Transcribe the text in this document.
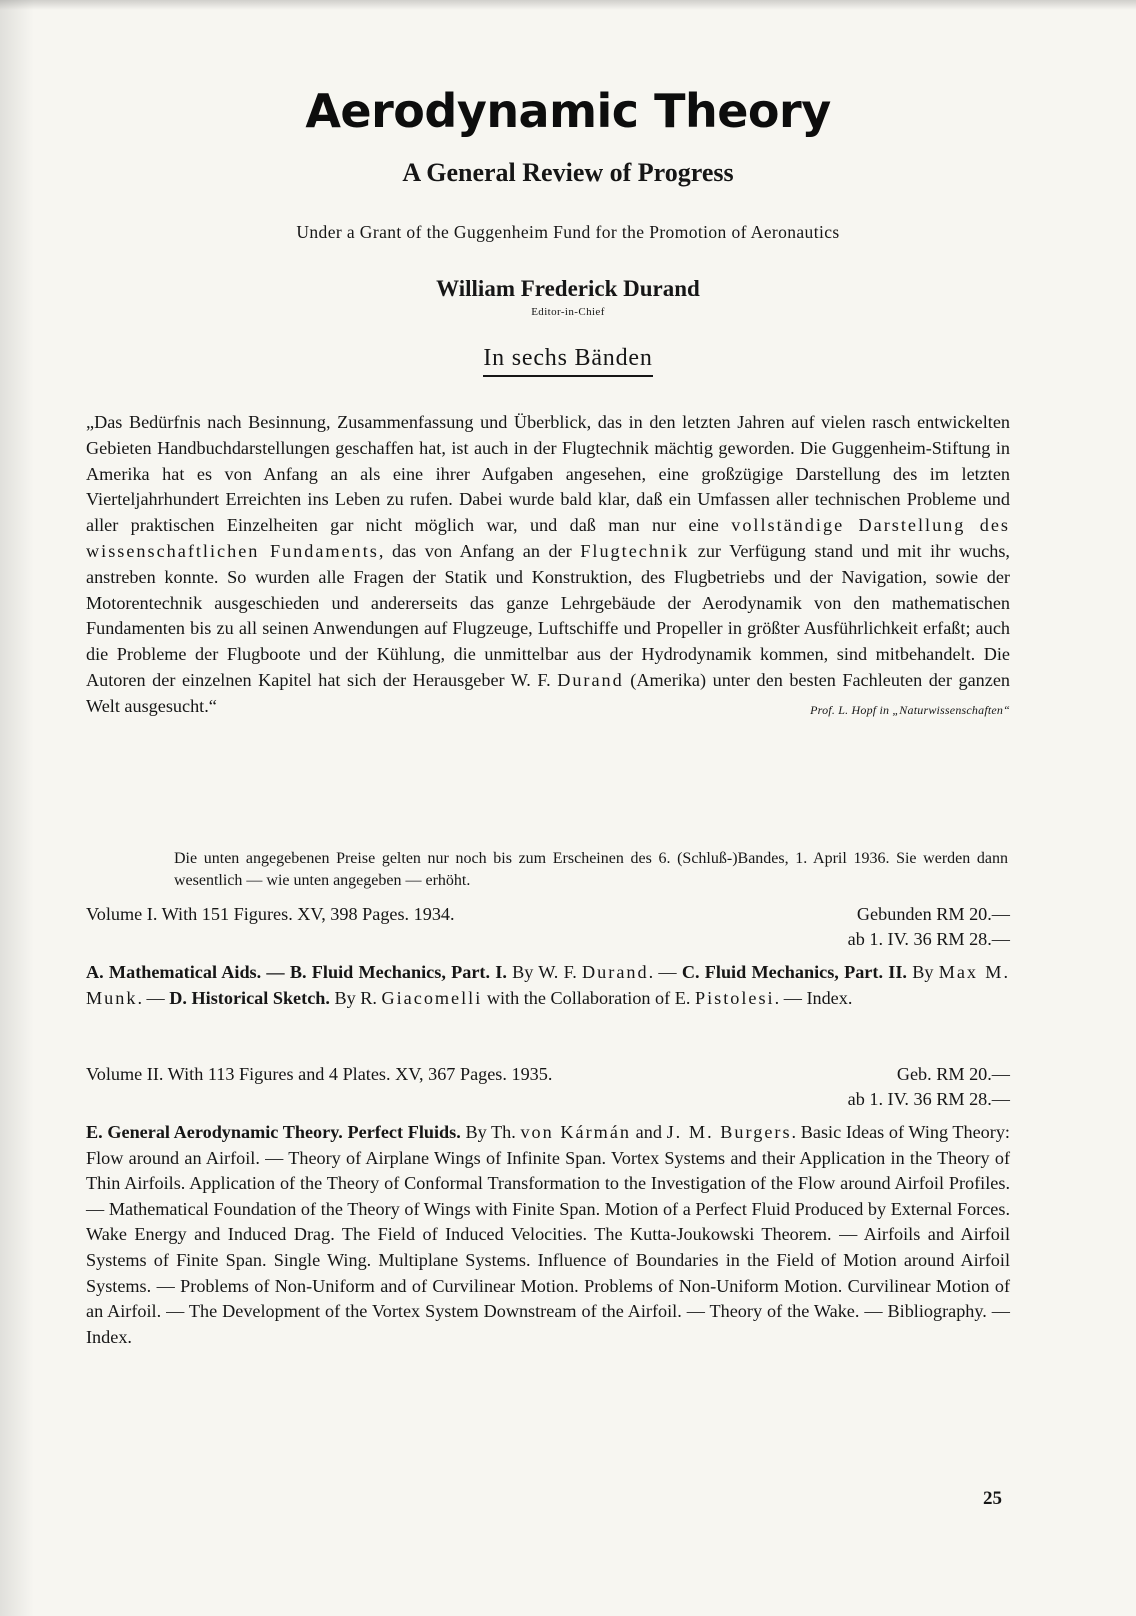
Aerodynamic Theory
A General Review of Progress
Under a Grant of the Guggenheim Fund for the Promotion of Aeronautics
William Frederick Durand
Editor-in-Chief
In sechs Bänden
„Das Bedürfnis nach Besinnung, Zusammenfassung und Überblick, das in den letzten Jahren auf vielen rasch entwickelten Gebieten Handbuchdarstellungen geschaffen hat, ist auch in der Flugtechnik mächtig geworden. Die Guggenheim-Stiftung in Amerika hat es von Anfang an als eine ihrer Aufgaben angesehen, eine großzügige Darstellung des im letzten Vierteljahrhundert Erreichten ins Leben zu rufen. Dabei wurde bald klar, daß ein Umfassen aller technischen Probleme und aller praktischen Einzelheiten gar nicht möglich war, und daß man nur eine vollständige Darstellung des wissenschaftlichen Fundaments, das von Anfang an der Flugtechnik zur Verfügung stand und mit ihr wuchs, anstreben konnte. So wurden alle Fragen der Statik und Konstruktion, des Flugbetriebs und der Navigation, sowie der Motorentechnik ausgeschieden und andererseits das ganze Lehrgebäude der Aerodynamik von den mathematischen Fundamenten bis zu all seinen Anwendungen auf Flugzeuge, Luftschiffe und Propeller in größter Ausführlichkeit erfaßt; auch die Probleme der Flugboote und der Kühlung, die unmittelbar aus der Hydrodynamik kommen, sind mitbehandelt. Die Autoren der einzelnen Kapitel hat sich der Herausgeber W. F. Durand (Amerika) unter den besten Fachleuten der ganzen Welt ausgesucht.“	Prof. L. Hopf in „Naturwissenschaften“
Die unten angegebenen Preise gelten nur noch bis zum Erscheinen des 6. (Schluß-)Bandes, 1. April 1936. Sie werden dann wesentlich — wie unten angegeben — erhöht.
Volume I. With 151 Figures. XV, 398 Pages. 1934.	Gebunden RM 20.—
ab 1. IV. 36 RM 28.—
A. Mathematical Aids. — B. Fluid Mechanics, Part. I. By W. F. Durand. — C. Fluid Mechanics, Part. II. By Max M. Munk. — D. Historical Sketch. By R. Giacomelli with the Collaboration of E. Pistolesi. — Index.
Volume II. With 113 Figures and 4 Plates. XV, 367 Pages. 1935.	Geb. RM 20.—
ab 1. IV. 36 RM 28.—
E. General Aerodynamic Theory. Perfect Fluids. By Th. von Kármán and J. M. Burgers. Basic Ideas of Wing Theory: Flow around an Airfoil. — Theory of Airplane Wings of Infinite Span. Vortex Systems and their Application in the Theory of Thin Airfoils. Application of the Theory of Conformal Transformation to the Investigation of the Flow around Airfoil Profiles. — Mathematical Foundation of the Theory of Wings with Finite Span. Motion of a Perfect Fluid Produced by External Forces. Wake Energy and Induced Drag. The Field of Induced Velocities. The Kutta-Joukowski Theorem. — Airfoils and Airfoil Systems of Finite Span. Single Wing. Multiplane Systems. Influence of Boundaries in the Field of Motion around Airfoil Systems. — Problems of Non-Uniform and of Curvilinear Motion. Problems of Non-Uniform Motion. Curvilinear Motion of an Airfoil. — The Development of the Vortex System Downstream of the Airfoil. — Theory of the Wake. — Bibliography. — Index.
25
